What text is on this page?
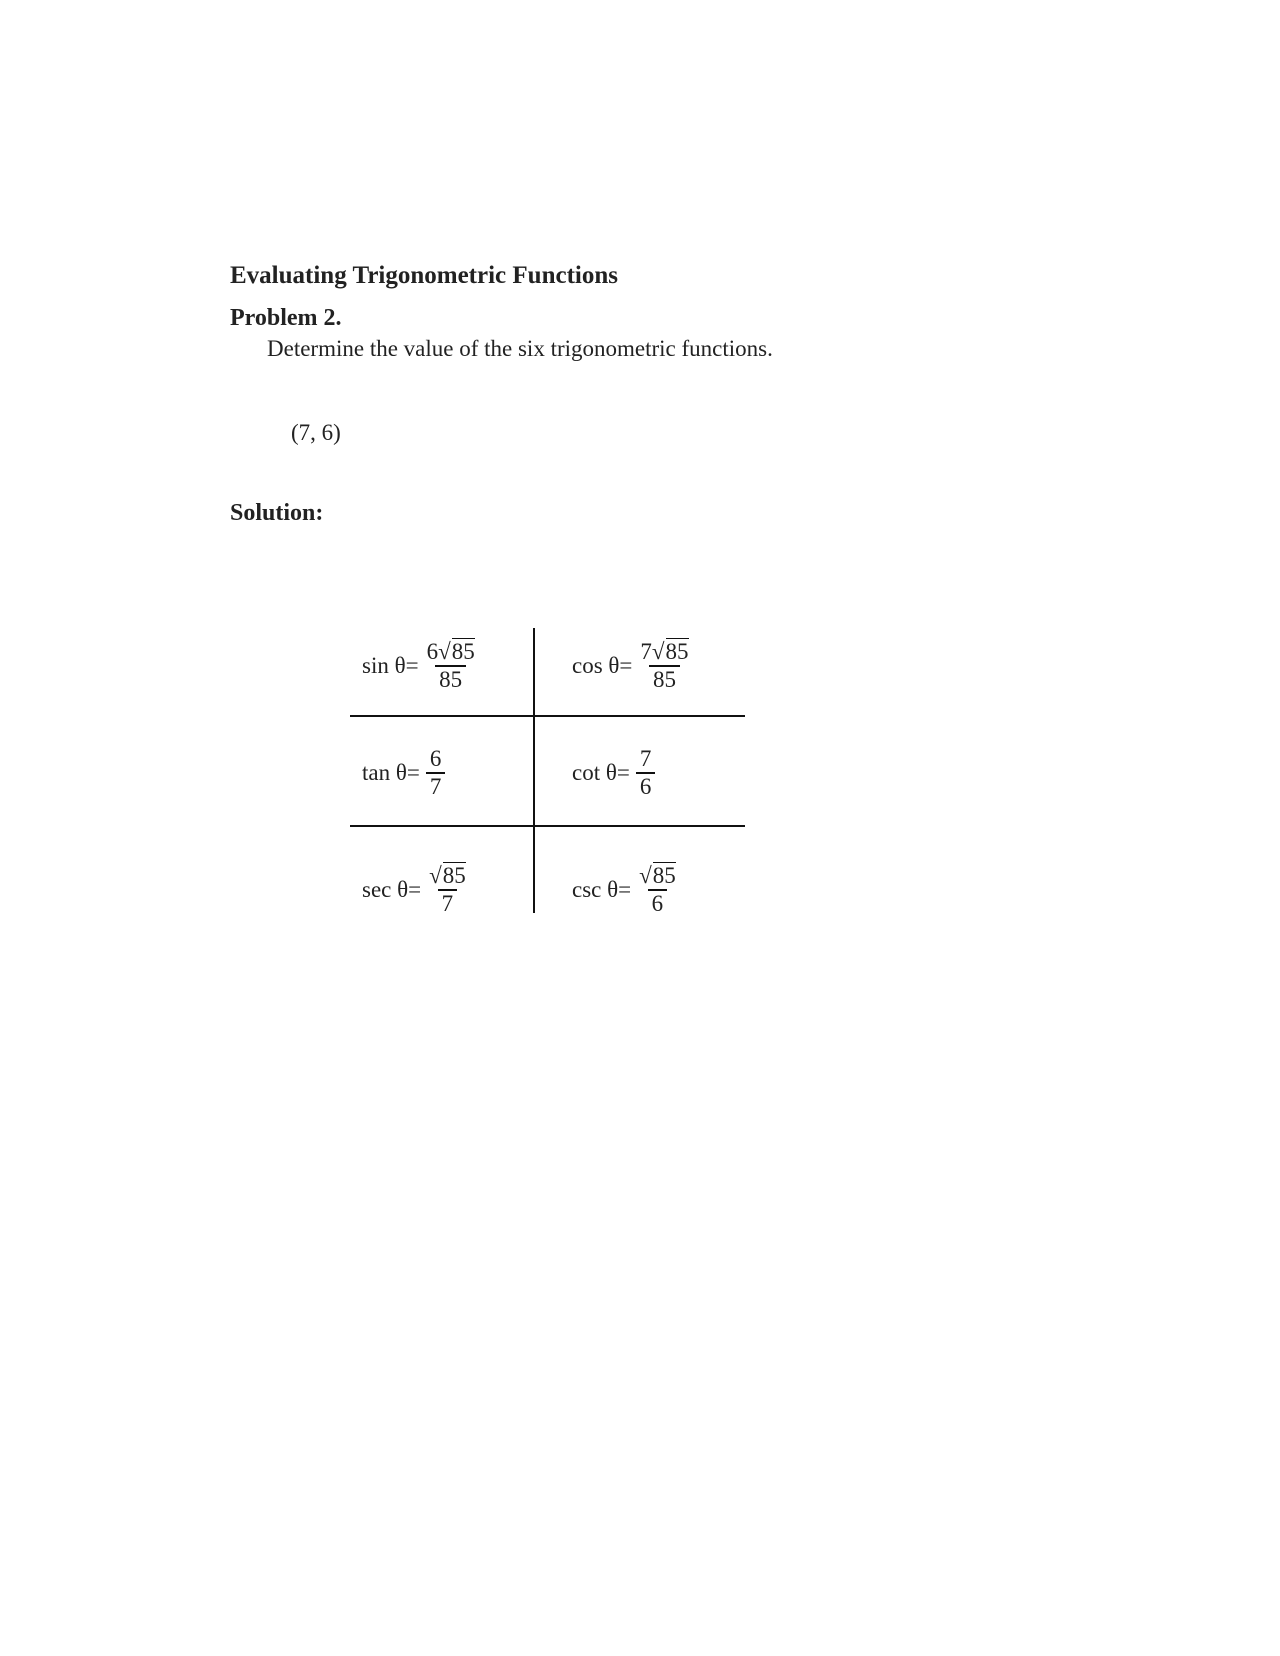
Evaluating Trigonometric Functions
Problem 2.
Determine the value of the six trigonometric functions.
(7, 6)
Solution:
$\sin \theta= \frac{6√85}{85}$	$\cos \theta= \frac{7√85}{85}$
$\tan \theta= \frac{6}{7}$	$\cot \theta= \frac{7}{6}$
$\sec \theta= \frac{√85}{7}$	$\csc \theta= \frac{√85}{6}$
